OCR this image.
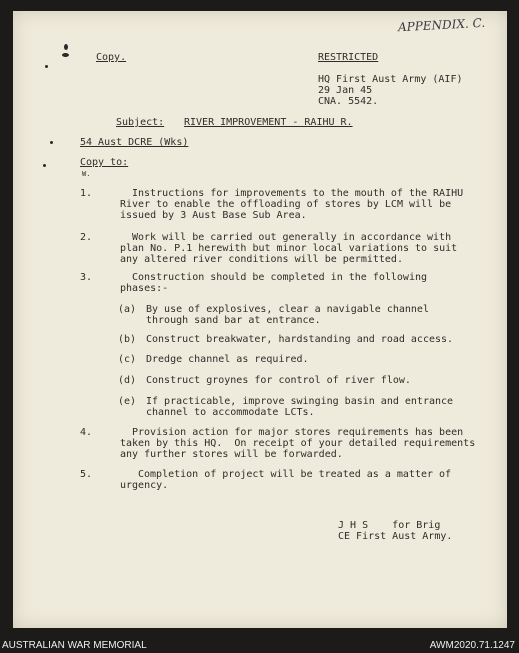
APPENDIX. C.
Copy.	RESTRICTED
HQ First Aust Army (AIF)
29 Jan 45
CNA. 5542.
Subject: RIVER IMPROVEMENT - RAIHU R.
54 Aust DCRE (Wks)
Copy to:
W.
1.	Instructions for improvements to the mouth of the RAIHU
River to enable the offloading of stores by LCM will be
issued by 3 Aust Base Sub Area.
2.	Work will be carried out generally in accordance with
plan No. P.1 herewith but minor local variations to suit
any altered river conditions will be permitted.
3.	Construction should be completed in the following
phases:-
(a) By use of explosives, clear a navigable channel
through sand bar at entrance.
(b) Construct breakwater, hardstanding and road access.
(c) Dredge channel as required.
(d) Construct groynes for control of river flow.
(e) If practicable, improve swinging basin and entrance
channel to accommodate LCTs.
4.	Provision action for major stores requirements has been
taken by this HQ.  On receipt of your detailed requirements
any further stores will be forwarded.
5.	Completion of project will be treated as a matter of
urgency.
J H S    for Brig
CE First Aust Army.
AUSTRALIAN WAR MEMORIAL	AWM2020.71.1247
